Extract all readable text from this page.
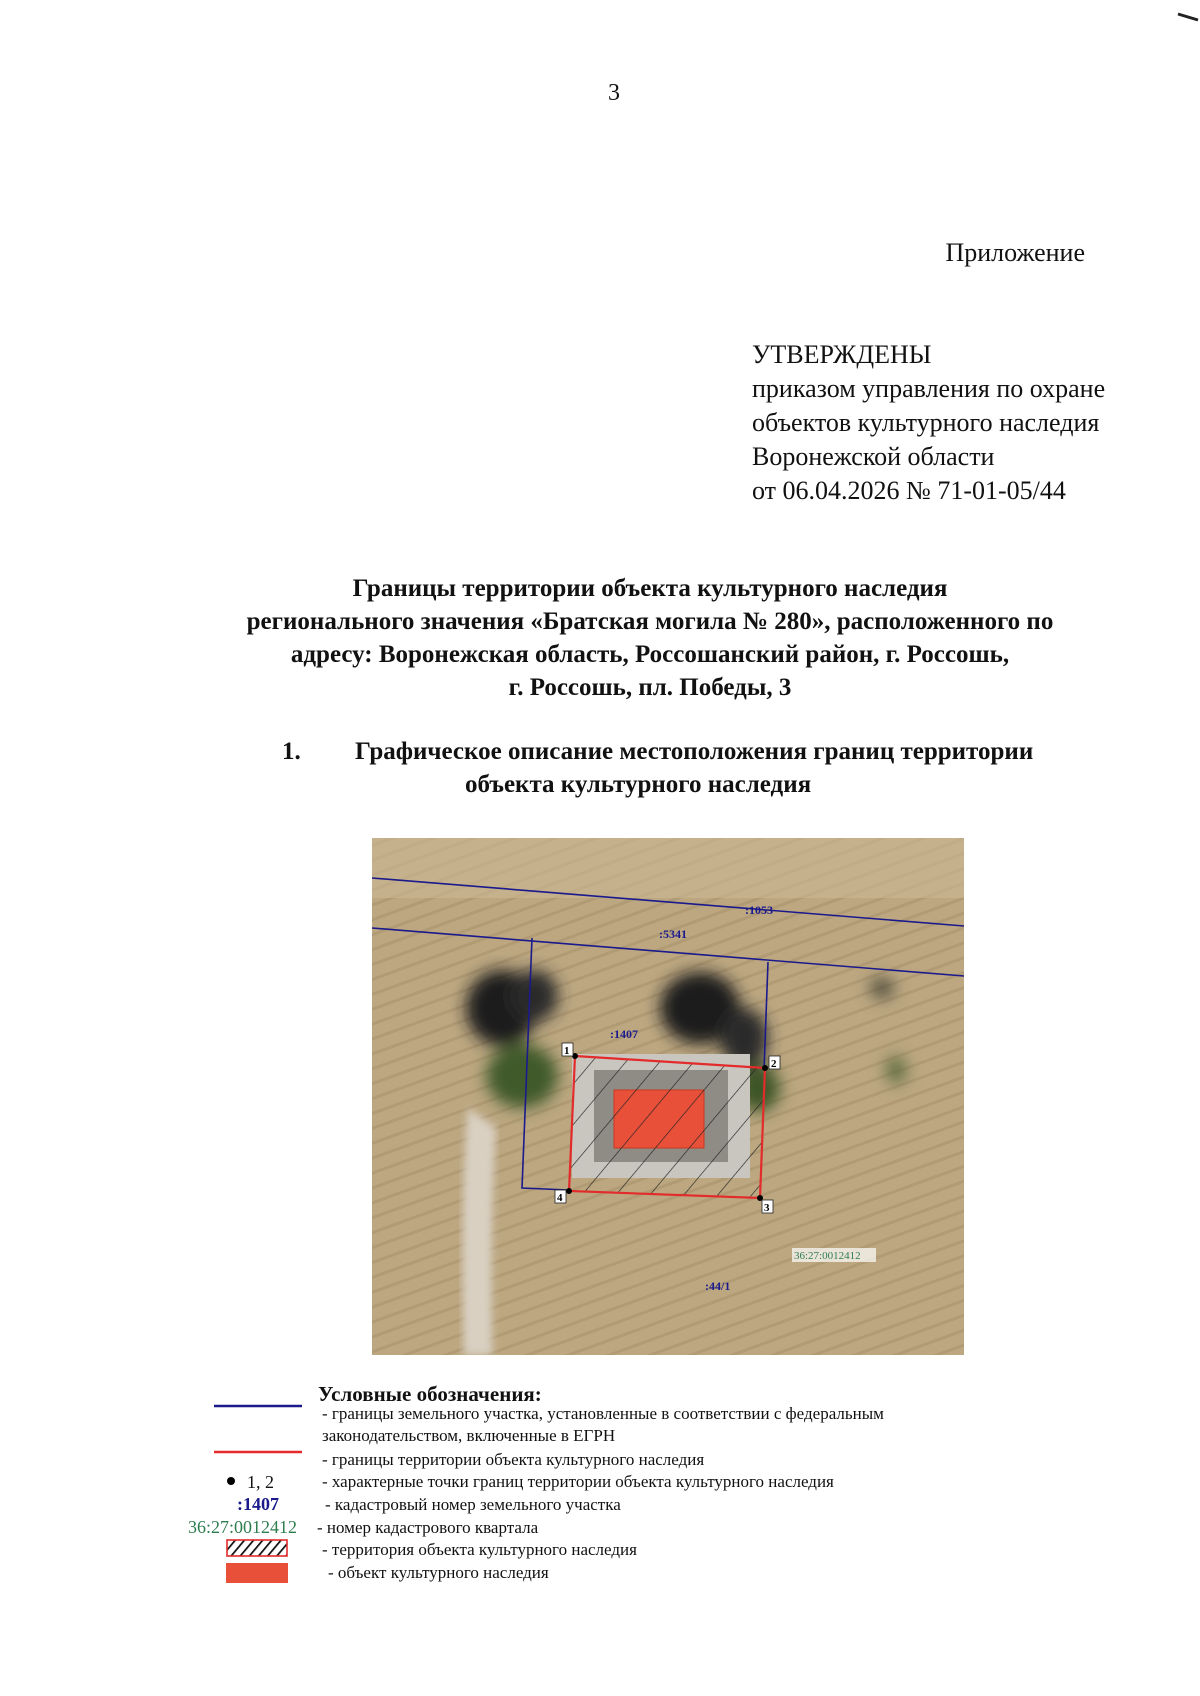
3
Приложение
УТВЕРЖДЕНЫ
приказом управления по охране
объектов культурного наследия
Воронежской области
от 06.04.2026 № 71-01-05/44
Границы территории объекта культурного наследия
регионального значения «Братская могила № 280», расположенного по
адресу: Воронежская область, Россошанский район, г. Россошь,
г. Россошь, пл. Победы, 3
1. Графическое описание местоположения границ территории
объекта культурного наследия
1
2
3
4
:1053
:5341
:1407
:44/1
36:27:0012412
Условные обозначения:
- границы земельного участка, установленные в соответствии с федеральным
законодательством, включенные в ЕГРН
- границы территории объекта культурного наследия
1, 2	- характерные точки границ территории объекта культурного наследия
:1407	- кадастровый номер земельного участка
36:27:0012412 - номер кадастрового квартала
- территория объекта культурного наследия
- объект культурного наследия
